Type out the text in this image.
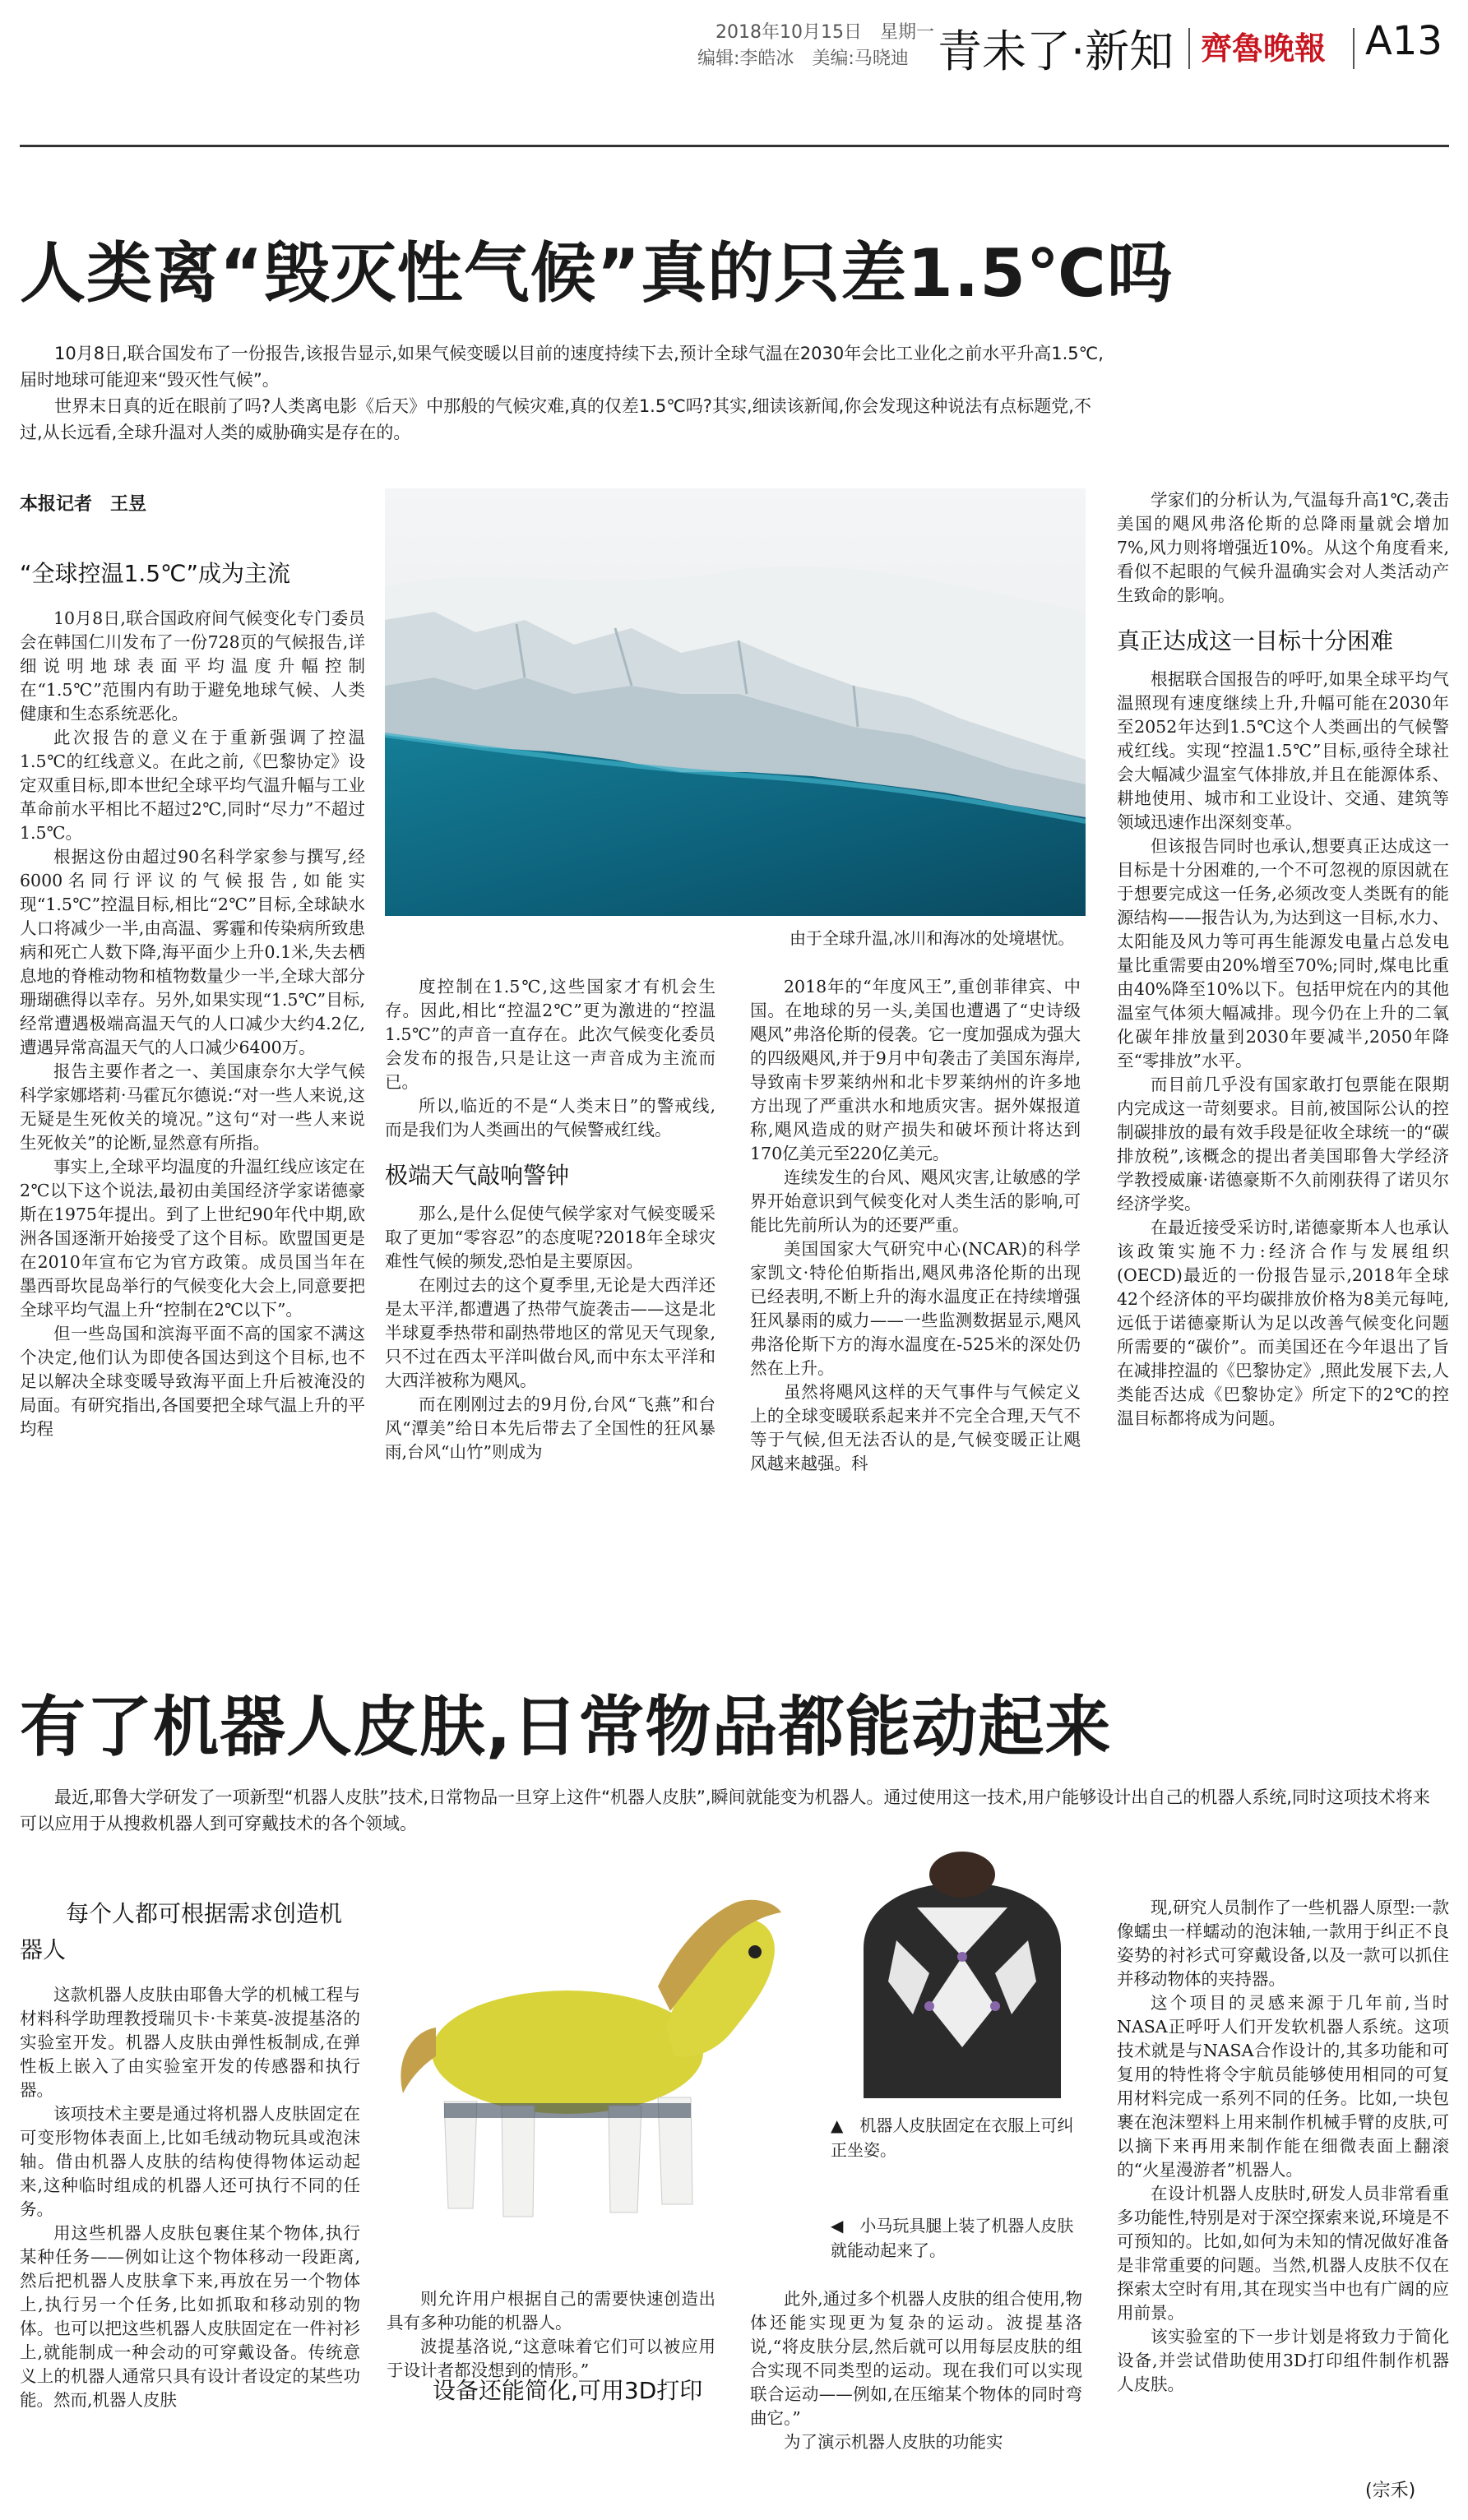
2018年10月15日　星期一
编辑:李皓冰　美编:马晓迪 青未了·新知 齊魯晚報 A13
人类离“毁灭性气候”真的只差1.5℃吗

10月8日,联合国发布了一份报告,该报告显示,如果气候变暖以目前的速度持续下去,预计全球气温在2030年会比工业化之前水平升高1.5℃,届时地球可能迎来“毁灭性气候”。

世界末日真的近在眼前了吗?人类离电影《后天》中那般的气候灾难,真的仅差1.5℃吗?其实,细读该新闻,你会发现这种说法有点标题党,不过,从长远看,全球升温对人类的威胁确实是存在的。

本报记者　王昱
“全球控温1.5℃”成为主流

10月8日,联合国政府间气候变化专门委员会在韩国仁川发布了一份728页的气候报告,详细说明地球表面平均温度升幅控制在“1.5℃”范围内有助于避免地球气候、人类健康和生态系统恶化。

此次报告的意义在于重新强调了控温1.5℃的红线意义。在此之前,《巴黎协定》设定双重目标,即本世纪全球平均气温升幅与工业革命前水平相比不超过2℃,同时“尽力”不超过1.5℃。

根据这份由超过90名科学家参与撰写,经6000名同行评议的气候报告,如能实现“1.5℃”控温目标,相比“2℃”目标,全球缺水人口将减少一半,由高温、雾霾和传染病所致患病和死亡人数下降,海平面少上升0.1米,失去栖息地的脊椎动物和植物数量少一半,全球大部分珊瑚礁得以幸存。另外,如果实现“1.5℃”目标,经常遭遇极端高温天气的人口减少大约4.2亿,遭遇异常高温天气的人口减少6400万。

报告主要作者之一、美国康奈尔大学气候科学家娜塔莉·马霍瓦尔德说:“对一些人来说,这无疑是生死攸关的境况。”这句“对一些人来说生死攸关”的论断,显然意有所指。

事实上,全球平均温度的升温红线应该定在2℃以下这个说法,最初由美国经济学家诺德豪斯在1975年提出。到了上世纪90年代中期,欧洲各国逐渐开始接受了这个目标。欧盟国更是在2010年宣布它为官方政策。成员国当年在墨西哥坎昆岛举行的气候变化大会上,同意要把全球平均气温上升“控制在2℃以下”。

但一些岛国和滨海平面不高的国家不满这个决定,他们认为即使各国达到这个目标,也不足以解决全球变暖导致海平面上升后被淹没的局面。有研究指出,各国要把全球气温上升的平均程

由于全球升温,冰川和海冰的处境堪忧。

度控制在1.5℃,这些国家才有机会生存。因此,相比“控温2℃”更为激进的“控温1.5℃”的声音一直存在。此次气候变化委员会发布的报告,只是让这一声音成为主流而已。

所以,临近的不是“人类末日”的警戒线,而是我们为人类画出的气候警戒红线。

极端天气敲响警钟

那么,是什么促使气候学家对气候变暖采取了更加“零容忍”的态度呢?2018年全球灾难性气候的频发,恐怕是主要原因。

在刚过去的这个夏季里,无论是大西洋还是太平洋,都遭遇了热带气旋袭击——这是北半球夏季热带和副热带地区的常见天气现象,只不过在西太平洋叫做台风,而中东太平洋和大西洋被称为飓风。

而在刚刚过去的9月份,台风“飞燕”和台风“潭美”给日本先后带去了全国性的狂风暴雨,台风“山竹”则成为

2018年的“年度风王”,重创菲律宾、中国。在地球的另一头,美国也遭遇了“史诗级飓风”弗洛伦斯的侵袭。它一度加强成为强大的四级飓风,并于9月中旬袭击了美国东海岸,导致南卡罗莱纳州和北卡罗莱纳州的许多地方出现了严重洪水和地质灾害。据外媒报道称,飓风造成的财产损失和破坏预计将达到170亿美元至220亿美元。

连续发生的台风、飓风灾害,让敏感的学界开始意识到气候变化对人类生活的影响,可能比先前所认为的还要严重。

美国国家大气研究中心(NCAR)的科学家凯文·特伦伯斯指出,飓风弗洛伦斯的出现已经表明,不断上升的海水温度正在持续增强狂风暴雨的威力——一些监测数据显示,飓风弗洛伦斯下方的海水温度在-525米的深处仍然在上升。

虽然将飓风这样的天气事件与气候定义上的全球变暖联系起来并不完全合理,天气不等于气候,但无法否认的是,气候变暖正让飓风越来越强。科

学家们的分析认为,气温每升高1℃,袭击美国的飓风弗洛伦斯的总降雨量就会增加7%,风力则将增强近10%。从这个角度看来,看似不起眼的气候升温确实会对人类活动产生致命的影响。

真正达成这一目标十分困难

根据联合国报告的呼吁,如果全球平均气温照现有速度继续上升,升幅可能在2030年至2052年达到1.5℃这个人类画出的气候警戒红线。实现“控温1.5℃”目标,亟待全球社会大幅减少温室气体排放,并且在能源体系、耕地使用、城市和工业设计、交通、建筑等领域迅速作出深刻变革。

但该报告同时也承认,想要真正达成这一目标是十分困难的,一个不可忽视的原因就在于想要完成这一任务,必须改变人类既有的能源结构——报告认为,为达到这一目标,水力、太阳能及风力等可再生能源发电量占总发电量比重需要由20%增至70%;同时,煤电比重由40%降至10%以下。包括甲烷在内的其他温室气体须大幅减排。现今仍在上升的二氧化碳年排放量到2030年要减半,2050年降至“零排放”水平。

而目前几乎没有国家敢打包票能在限期内完成这一苛刻要求。目前,被国际公认的控制碳排放的最有效手段是征收全球统一的“碳排放税”,该概念的提出者美国耶鲁大学经济学教授威廉·诺德豪斯不久前刚获得了诺贝尔经济学奖。

在最近接受采访时,诺德豪斯本人也承认该政策实施不力:经济合作与发展组织(OECD)最近的一份报告显示,2018年全球42个经济体的平均碳排放价格为8美元每吨,远低于诺德豪斯认为足以改善气候变化问题所需要的“碳价”。而美国还在今年退出了旨在减排控温的《巴黎协定》,照此发展下去,人类能否达成《巴黎协定》所定下的2℃的控温目标都将成为问题。

有了机器人皮肤,日常物品都能动起来

最近,耶鲁大学研发了一项新型“机器人皮肤”技术,日常物品一旦穿上这件“机器人皮肤”,瞬间就能变为机器人。通过使用这一技术,用户能够设计出自己的机器人系统,同时这项技术将来可以应用于从搜救机器人到可穿戴技术的各个领域。

每个人都可根据需求创造机器人

这款机器人皮肤由耶鲁大学的机械工程与材料科学助理教授瑞贝卡·卡莱莫-波提基洛的实验室开发。机器人皮肤由弹性板制成,在弹性板上嵌入了由实验室开发的传感器和执行器。

该项技术主要是通过将机器人皮肤固定在可变形物体表面上,比如毛绒动物玩具或泡沫轴。借由机器人皮肤的结构使得物体运动起来,这种临时组成的机器人还可执行不同的任务。

用这些机器人皮肤包裹住某个物体,执行某种任务——例如让这个物体移动一段距离,然后把机器人皮肤拿下来,再放在另一个物体上,执行另一个任务,比如抓取和移动别的物体。也可以把这些机器人皮肤固定在一件衬衫上,就能制成一种会动的可穿戴设备。传统意义上的机器人通常只具有设计者设定的某些功能。然而,机器人皮肤

▲　机器人皮肤固定在衣服上可纠正坐姿。
◀　小马玩具腿上装了机器人皮肤就能动起来了。

则允许用户根据自己的需要快速创造出具有多种功能的机器人。

波提基洛说,“这意味着它们可以被应用于设计者都没想到的情形。”

设备还能简化,可用3D打印

此外,通过多个机器人皮肤的组合使用,物体还能实现更为复杂的运动。波提基洛说,“将皮肤分层,然后就可以用每层皮肤的组合实现不同类型的运动。现在我们可以实现联合运动——例如,在压缩某个物体的同时弯曲它。”

为了演示机器人皮肤的功能实

现,研究人员制作了一些机器人原型:一款像蠕虫一样蠕动的泡沫轴,一款用于纠正不良姿势的衬衫式可穿戴设备,以及一款可以抓住并移动物体的夹持器。

这个项目的灵感来源于几年前,当时NASA正呼吁人们开发软机器人系统。这项技术就是与NASA合作设计的,其多功能和可复用的特性将令宇航员能够使用相同的可复用材料完成一系列不同的任务。比如,一块包裹在泡沫塑料上用来制作机械手臂的皮肤,可以摘下来再用来制作能在细微表面上翻滚的“火星漫游者”机器人。

在设计机器人皮肤时,研发人员非常看重多功能性,特别是对于深空探索来说,环境是不可预知的。比如,如何为未知的情况做好准备是非常重要的问题。当然,机器人皮肤不仅在探索太空时有用,其在现实当中也有广阔的应用前景。

该实验室的下一步计划是将致力于简化设备,并尝试借助使用3D打印组件制作机器人皮肤。

(宗禾)
